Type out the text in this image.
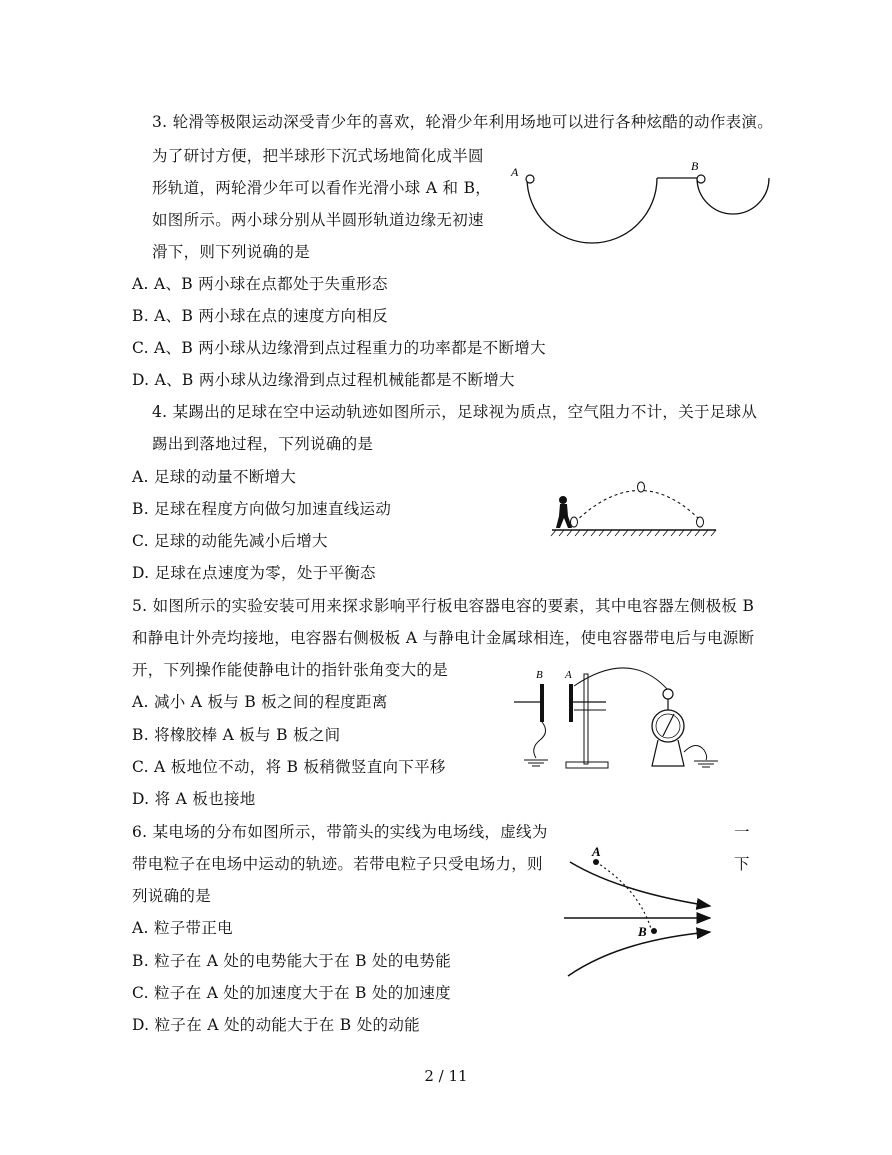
3. 轮滑等极限运动深受青少年的喜欢，轮滑少年利用场地可以进行各种炫酷的动作表演。
为了研讨方便，把半球形下沉式场地简化成半圆
形轨道，两轮滑少年可以看作光滑小球 A 和 B，
如图所示。两小球分别从半圆形轨道边缘无初速
滑下，则下列说确的是
A. A、B 两小球在点都处于失重形态
B. A、B 两小球在点的速度方向相反
C. A、B 两小球从边缘滑到点过程重力的功率都是不断增大
D. A、B 两小球从边缘滑到点过程机械能都是不断增大
A	B
4. 某踢出的足球在空中运动轨迹如图所示，足球视为质点，空气阻力不计，关于足球从
踢出到落地过程，下列说确的是
A. 足球的动量不断增大
B. 足球在程度方向做匀加速直线运动
C. 足球的动能先减小后增大
D. 足球在点速度为零，处于平衡态
5. 如图所示的实验安装可用来探求影响平行板电容器电容的要素，其中电容器左侧极板 B
和静电计外壳均接地，电容器右侧极板 A 与静电计金属球相连，使电容器带电后与电源断
开，下列操作能使静电计的指针张角变大的是
A. 减小 A 板与 B 板之间的程度距离
B. 将橡胶棒 A 板与 B 板之间
C. A 板地位不动，将 B 板稍微竖直向下平移
D. 将 A 板也接地
B A
6. 某电场的分布如图所示，带箭头的实线为电场线，虚线为	一
带电粒子在电场中运动的轨迹。若带电粒子只受电场力，则	下
列说确的是
A. 粒子带正电
B. 粒子在 A 处的电势能大于在 B 处的电势能
C. 粒子在 A 处的加速度大于在 B 处的加速度
D. 粒子在 A 处的动能大于在 B 处的动能
A
B
2 / 11
